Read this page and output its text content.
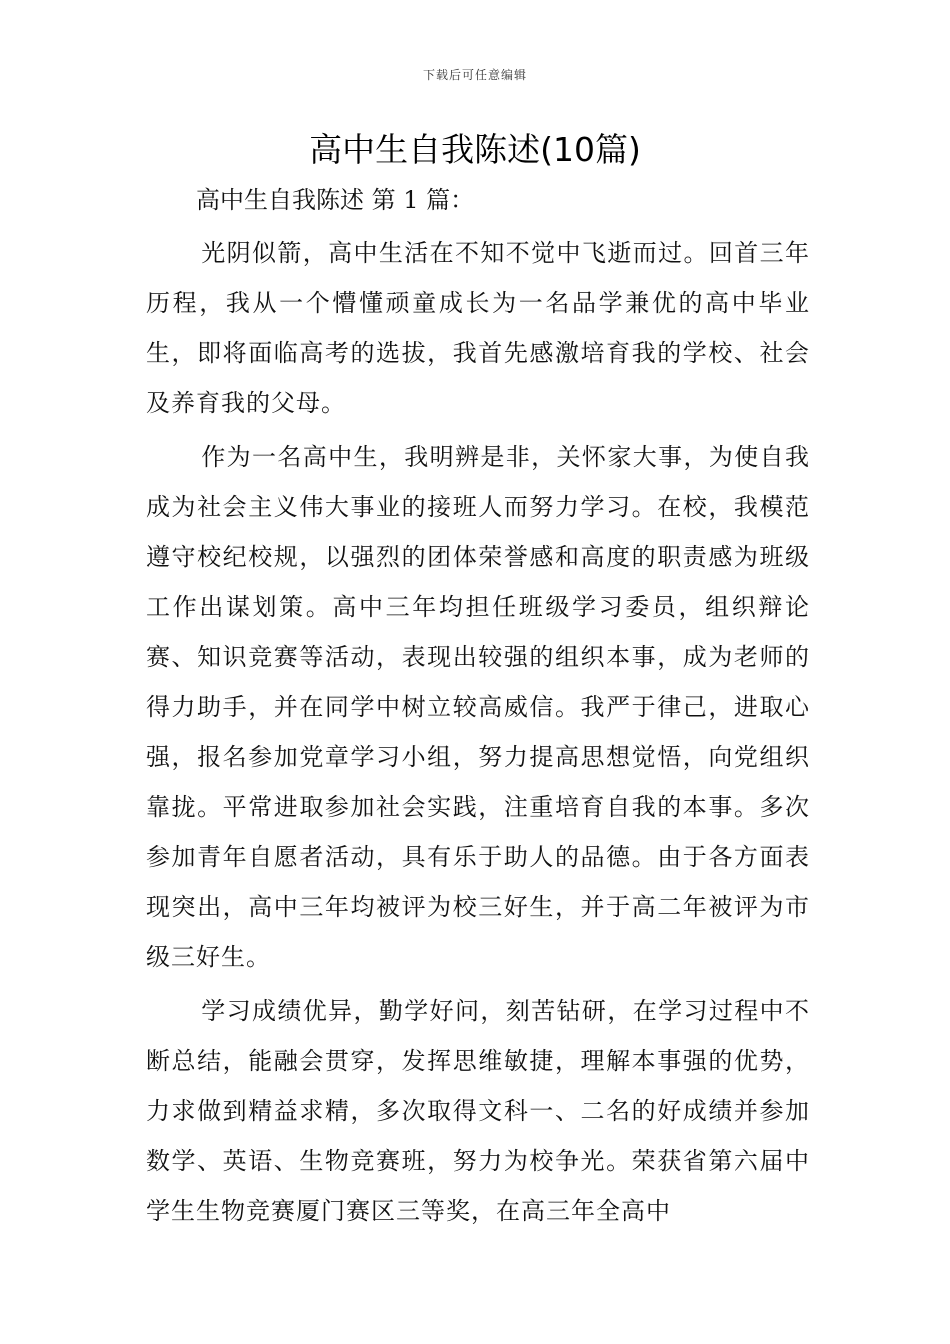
下载后可任意编辑
高中生自我陈述(10篇)
高中生自我陈述 第 1 篇：

光阴似箭，高中生活在不知不觉中飞逝而过。回首三年历程，我从一个懵懂顽童成长为一名品学兼优的高中毕业生，即将面临高考的选拔，我首先感激培育我的学校、社会及养育我的父母。

作为一名高中生，我明辨是非，关怀家大事，为使自我成为社会主义伟大事业的接班人而努力学习。在校，我模范遵守校纪校规，以强烈的团体荣誉感和高度的职责感为班级工作出谋划策。高中三年均担任班级学习委员，组织辩论赛、知识竞赛等活动，表现出较强的组织本事，成为老师的得力助手，并在同学中树立较高威信。我严于律己，进取心强，报名参加党章学习小组，努力提高思想觉悟，向党组织靠拢。平常进取参加社会实践，注重培育自我的本事。多次参加青年自愿者活动，具有乐于助人的品德。由于各方面表现突出，高中三年均被评为校三好生，并于高二年被评为市级三好生。

学习成绩优异，勤学好问，刻苦钻研，在学习过程中不断总结，能融会贯穿，发挥思维敏捷，理解本事强的优势，力求做到精益求精，多次取得文科一、二名的好成绩并参加数学、英语、生物竞赛班，努力为校争光。荣获省第六届中学生生物竞赛厦门赛区三等奖，在高三年全高中
